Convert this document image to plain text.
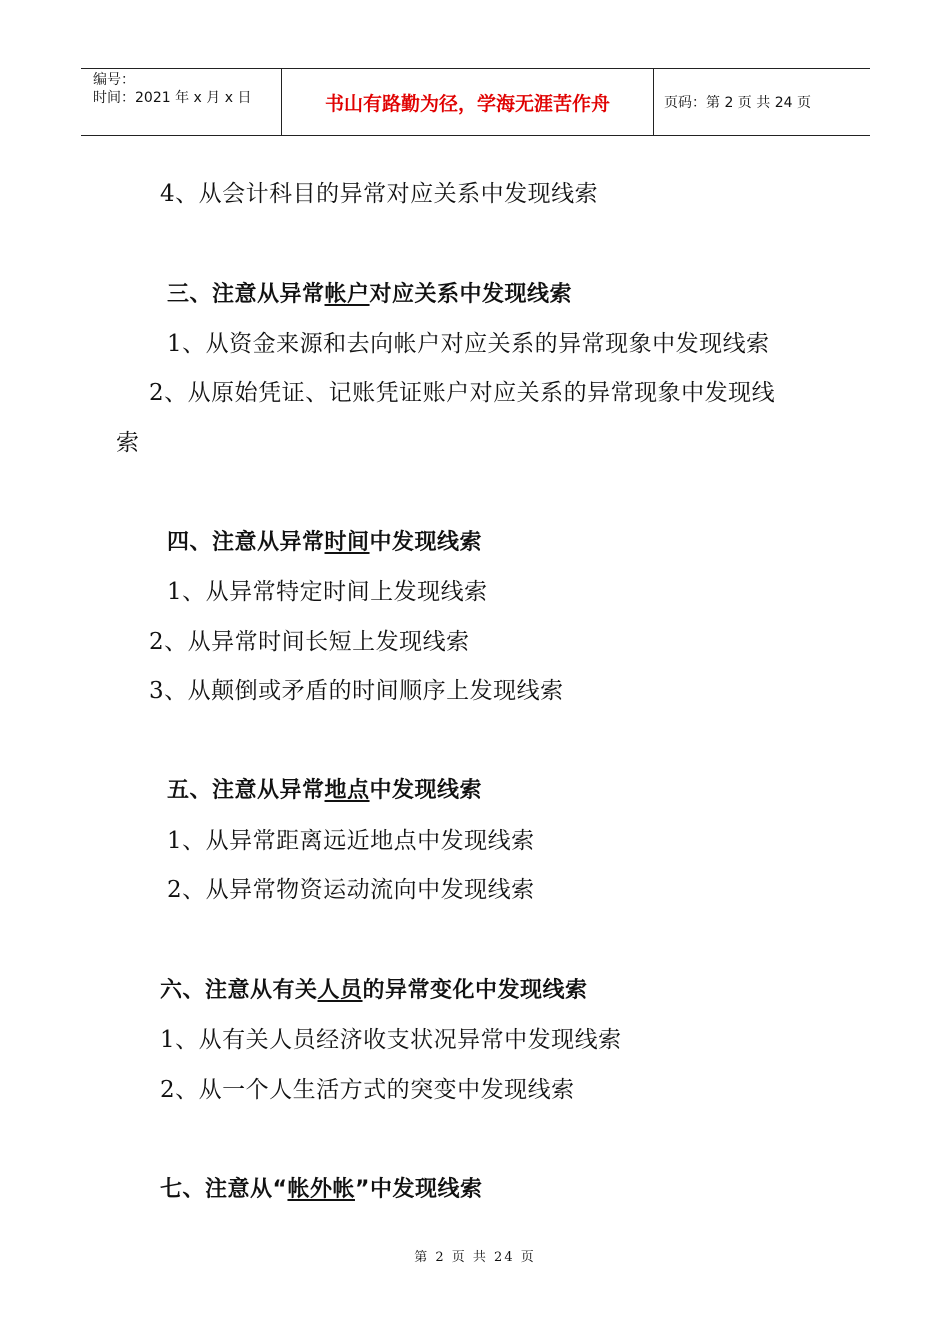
编号：
时间：2021 年 x 月 x 日	书山有路勤为径，学海无涯苦作舟	页码：第 2 页 共 24 页
4、从会计科目的异常对应关系中发现线索
三、注意从异常帐户对应关系中发现线索
1、从资金来源和去向帐户对应关系的异常现象中发现线索
2、从原始凭证、记账凭证账户对应关系的异常现象中发现线
索
四、注意从异常时间中发现线索
1、从异常特定时间上发现线索
2、从异常时间长短上发现线索
3、从颠倒或矛盾的时间顺序上发现线索
五、注意从异常地点中发现线索
1、从异常距离远近地点中发现线索
2、从异常物资运动流向中发现线索
六、注意从有关人员的异常变化中发现线索
1、从有关人员经济收支状况异常中发现线索
2、从一个人生活方式的突变中发现线索
七、注意从“帐外帐”中发现线索
第 2 页 共 24 页
